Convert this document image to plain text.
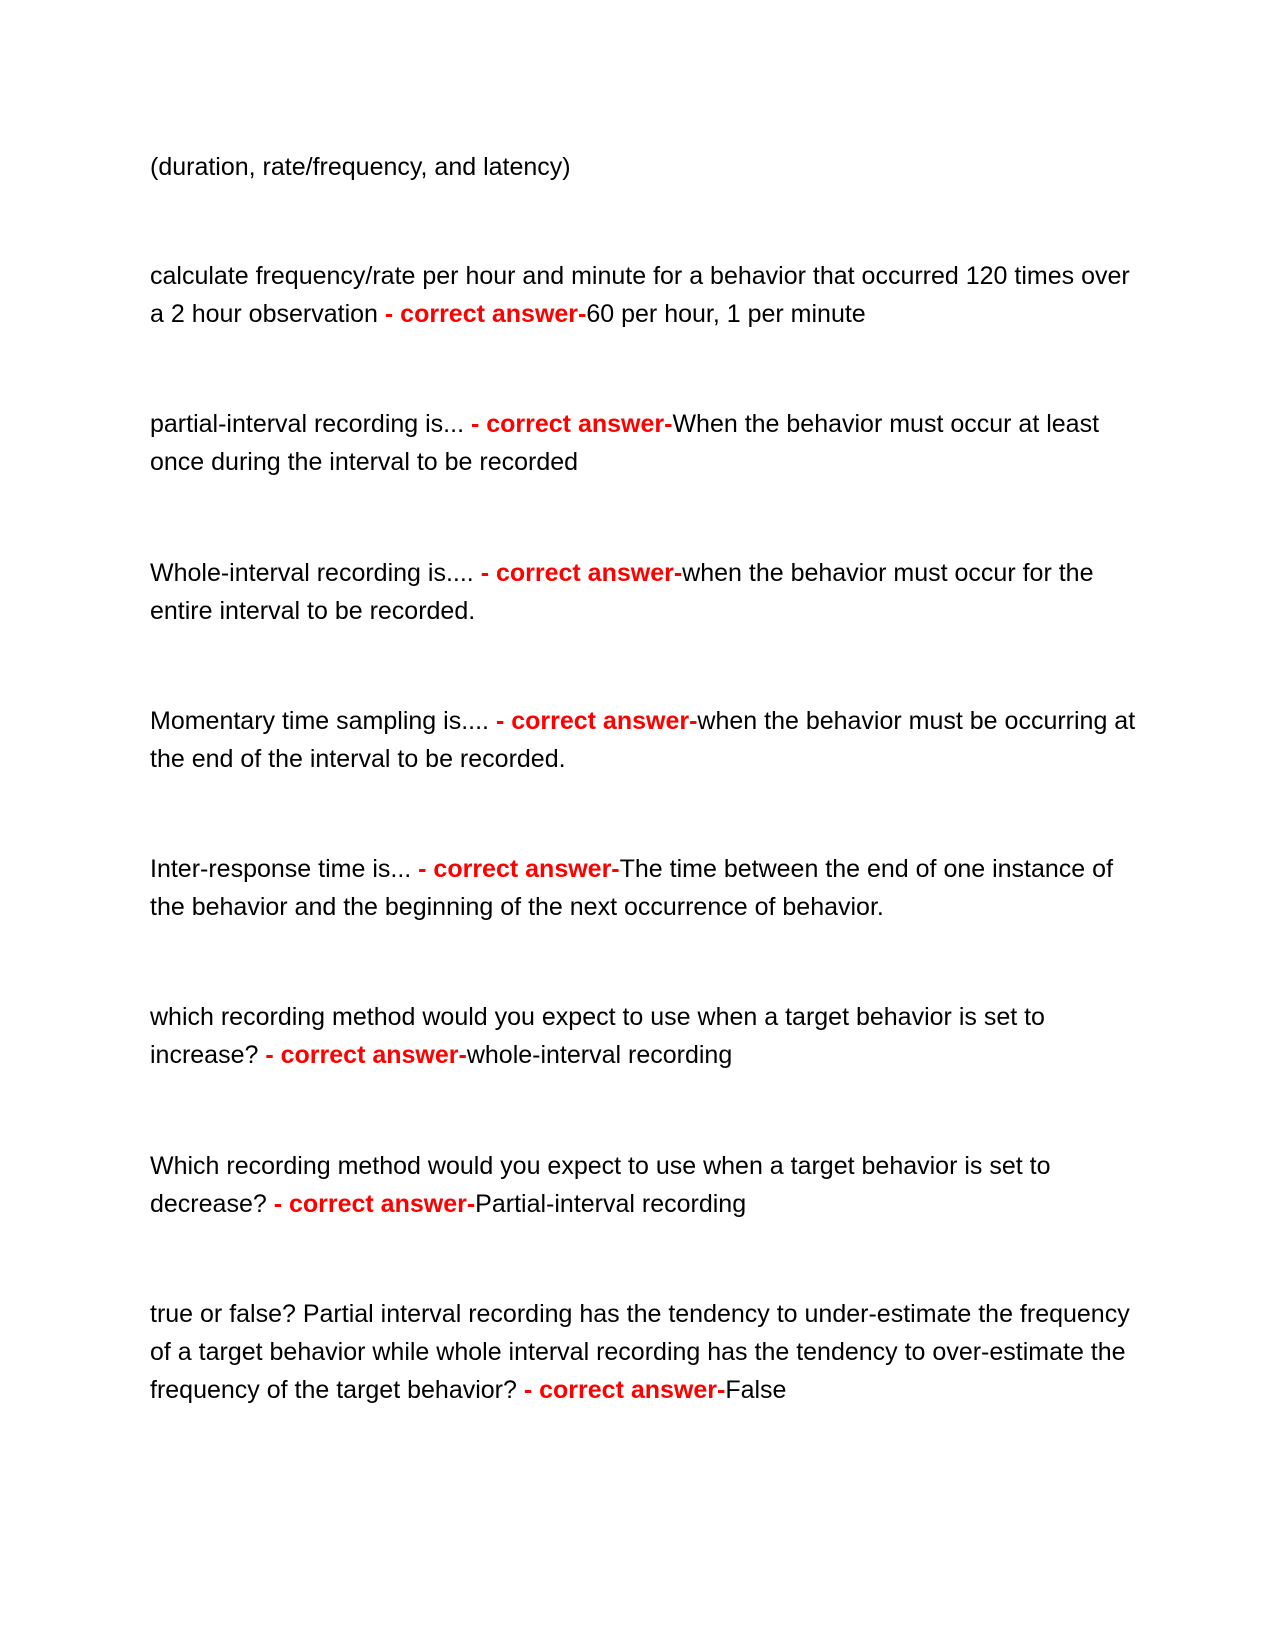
(duration, rate/frequency, and latency)

calculate frequency/rate per hour and minute for a behavior that occurred 120 times over a 2 hour observation - correct answer-60 per hour, 1 per minute

partial-interval recording is... - correct answer-When the behavior must occur at least once during the interval to be recorded

Whole-interval recording is.... - correct answer-when the behavior must occur for the entire interval to be recorded.

Momentary time sampling is.... - correct answer-when the behavior must be occurring at the end of the interval to be recorded.

Inter-response time is... - correct answer-The time between the end of one instance of the behavior and the beginning of the next occurrence of behavior.

which recording method would you expect to use when a target behavior is set to increase? - correct answer-whole-interval recording

Which recording method would you expect to use when a target behavior is set to decrease? - correct answer-Partial-interval recording

true or false? Partial interval recording has the tendency to under-estimate the frequency of a target behavior while whole interval recording has the tendency to over-estimate the frequency of the target behavior? - correct answer-False
